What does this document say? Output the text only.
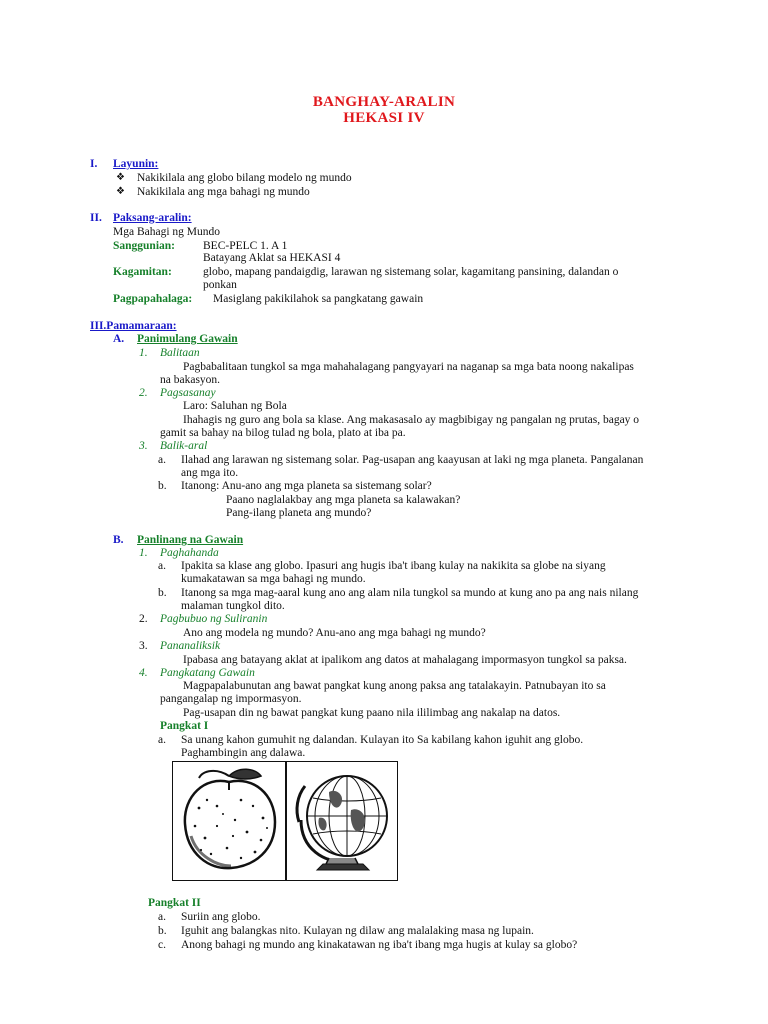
BANGHAY-ARALIN
HEKASI IV
I. Layunin:
❖ Nakikilala ang globo bilang modelo ng mundo
❖ Nakikilala ang mga bahagi ng mundo
II. Paksang-aralin:
Mga Bahagi ng Mundo
Sanggunian: BEC-PELC 1. A 1
Batayang Aklat sa HEKASI 4
Kagamitan:	globo, mapang pandaigdig, larawan ng sistemang solar, kagamitang pansining, dalandan o
ponkan
Pagpapahalaga: Masiglang pakikilahok sa pangkatang gawain
III.Pamamaraan:
A. Panimulang Gawain
1. Balitaan
Pagbabalitaan tungkol sa mga mahahalagang pangyayari na naganap sa mga bata noong nakalipas
na bakasyon.
2. Pagsasanay
Laro: Saluhan ng Bola
Ihahagis ng guro ang bola sa klase. Ang makasasalo ay magbibigay ng pangalan ng prutas, bagay o
gamit sa bahay na bilog tulad ng bola, plato at iba pa.
3. Balik-aral
a. Ilahad ang larawan ng sistemang solar. Pag-usapan ang kaayusan at laki ng mga planeta. Pangalanan
ang mga ito.
b. Itanong: Anu-ano ang mga planeta sa sistemang solar?
Paano naglalakbay ang mga planeta sa kalawakan?
Pang-ilang planeta ang mundo?
B. Panlinang na Gawain
1. Paghahanda
a. Ipakita sa klase ang globo. Ipasuri ang hugis iba't ibang kulay na nakikita sa globe na siyang
kumakatawan sa mga bahagi ng mundo.
b. Itanong sa mga mag-aaral kung ano ang alam nila tungkol sa mundo at kung ano pa ang nais nilang
malaman tungkol dito.
2. Pagbubuo ng Suliranin
Ano ang modela ng mundo? Anu-ano ang mga bahagi ng mundo?
3. Pananaliksik
Ipabasa ang batayang aklat at ipalikom ang datos at mahalagang impormasyon tungkol sa paksa.
4. Pangkatang Gawain
Magpapalabunutan ang bawat pangkat kung anong paksa ang tatalakayin. Patnubayan ito sa
pangangalap ng impormasyon.
Pag-usapan din ng bawat pangkat kung paano nila ililimbag ang nakalap na datos.
Pangkat I
a. Sa unang kahon gumuhit ng dalandan. Kulayan ito Sa kabilang kahon iguhit ang globo.
Paghambingin ang dalawa.
Pangkat II
a. Suriin ang globo.
b. Iguhit ang balangkas nito. Kulayan ng dilaw ang malalaking masa ng lupain.
c. Anong bahagi ng mundo ang kinakatawan ng iba't ibang mga hugis at kulay sa globo?
